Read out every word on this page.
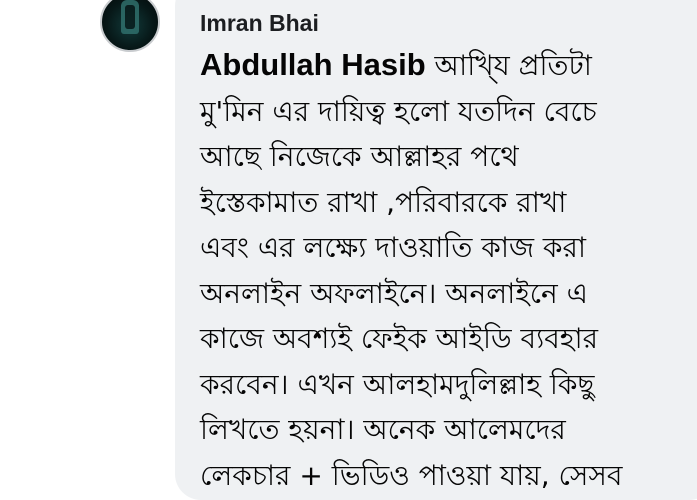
Imran Bhai
Abdullah Hasib আখি্য প্রতিটা
মু'মিন এর দায়িত্ব হলো যতদিন বেচে
আছে নিজেকে আল্লাহর পথে
ইস্তেকামাত রাখা ,পরিবারকে রাখা
এবং এর লক্ষ্যে দাওয়াতি কাজ করা
অনলাইন অফলাইনে। অনলাইনে এ
কাজে অবশ্যই ফেইক আইডি ব্যবহার
করবেন। এখন আলহামদুলিল্লাহ কিছু
লিখতে হয়না। অনেক আলেমদের
লেকচার + ভিডিও পাওয়া যায়, সেসব
